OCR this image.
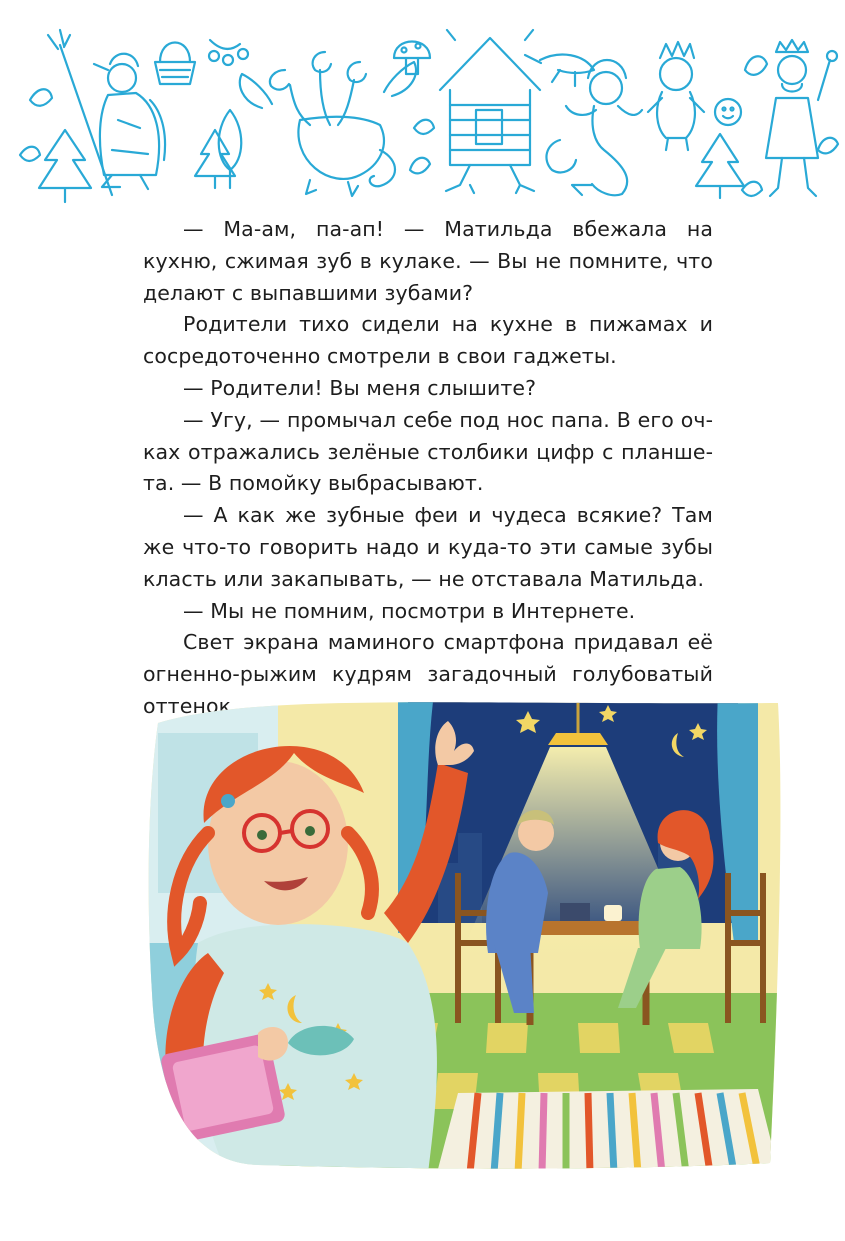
— Ма-ам, па-ап! — Матильда вбежала на кухню, сжимая зуб в кулаке. — Вы не помните, что делают с выпавшими зубами?

Родители тихо сидели на кухне в пижамах и сосредоточенно смотрели в свои гаджеты.

— Родители! Вы меня слышите?

— Угу, — промычал себе под нос папа. В его очках отражались зелёные столбики цифр с планшета. — В помойку выбрасывают.

— А как же зубные феи и чудеса всякие? Там же что-то говорить надо и куда-то эти самые зубы класть или закапывать, — не отставала Матильда.

— Мы не помним, посмотри в Интернете.

Свет экрана маминого смартфона придавал её огненно-рыжим кудрям загадочный голубоватый оттенок.
